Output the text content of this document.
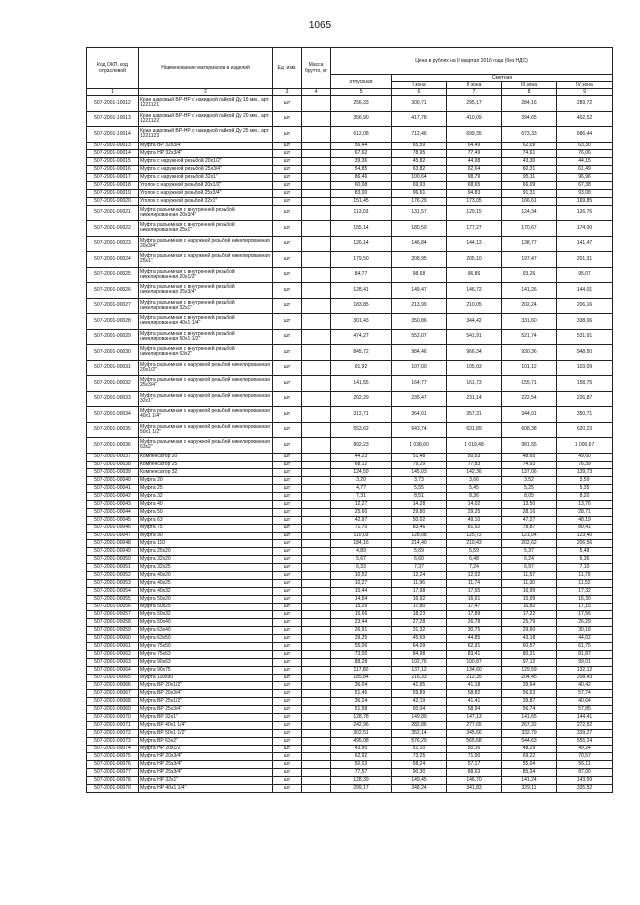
1065
Код ОКП, код отраслевой	Наименование материалов и изделий	Ед. изм.	Масса брутто, кг	Цена в рублях на II квартал 2016 года (без НДС)				
				отпускная	Сметная			
					I зона	II зона	III зона	IV зона
1	2	3	4	5	6	7	8	9
507-2001-10012	Кран шаровый ВР-НР с накидной гайкой Ду 15 мм., арт. 1221121	шт		256,33	300,71	295,17	284,16	289,72
507-2001-10013	Кран шаровый ВР-НР с накидной гайкой Ду 20 мм., арт. 1221122	шт		356,90	417,78	410,09	394,65	402,52
507-2001-10014	Кран шаровый ВР-НР с накидной гайкой Ду 25 мм., арт. 1221123	шт		612,08	712,46	699,35	673,33	686,44
507-2001-00013	Муфта ВР 32х3/4"	шт		56,44	65,59	64,49	62,09	63,30
507-2001-00014	Муфта НР 32х3/4"	шт		67,62	78,95	77,49	74,61	76,06
507-2001-00015	Муфта с наружной резьбой 20х1/2"	шт		39,36	45,82	44,98	43,30	44,15
507-2001-00016	Муфта с наружной резьбой 25х3/4"	шт		54,85	63,82	62,64	60,31	61,49
507-2001-00017	Муфта с наружной резьбой 32х1"	шт		86,46	100,64	98,79	95,11	96,96
507-2001-00018	Уголок с наружной резьбой 20х1/2"	шт		60,08	69,93	68,65	66,09	67,38
507-2001-00019	Уголок с наружной резьбой 25х3/4"	шт		83,00	96,61	94,83	91,31	93,08
507-2001-00020	Уголок с наружной резьбой 32х1"	шт		151,45	176,29	173,05	166,61	169,85
507-2001-00021	Муфта разъемная с внутренней резьбой никелированная 20х3/4"	шт		113,03	131,57	129,15	124,34	126,76
507-2001-00022	Муфта разъемная с внутренней резьбой никелированная 25х1"	шт		155,14	180,59	177,27	170,67	174,00
507-2001-00023	Муфта разъемная с наружней резьбой никелированная 20х3/4"	шт		126,14	146,84	144,13	138,77	141,47
507-2001-00024	Муфта разъемная с наружней резьбой никелированная 25х1"	шт		179,50	208,95	205,10	197,47	201,31
507-2001-00025	Муфта разъемная с внутренней резьбой никелированная 20х1/2"	шт		84,77	98,68	96,86	93,26	95,07
507-2001-00026	Муфта разъемная с внутренней резьбой никелированная 25х3/4"	шт		128,41	149,47	146,72	141,26	144,01
507-2001-00027	Муфта разъемная с внутренней резьбой никелированная 32х1"	шт		183,85	213,99	210,05	202,24	206,16
507-2001-00028	Муфта разъемная с внутренней резьбой никелированная 40х1 1/4"	шт		301,43	350,86	344,42	331,60	338,06
507-2001-00029	Муфта разъемная с внутренней резьбой никелированная 50х1 1/2"	шт		474,27	552,07	541,91	521,74	531,91
507-2001-00030	Муфта разъемная с внутренней резьбой никелированная 63х2"	шт		845,72	984,46	966,34	930,36	948,50
507-2001-00031	Муфта разъемная с наружной резьбой никелированная 20х1/2"	шт		91,92	107,00	105,03	101,12	103,09
507-2001-00032	Муфта разъемная с наружной резьбой никелированная 25х3/4"	шт		141,55	164,77	161,73	155,71	158,75
507-2001-00033	Муфта разъемная с наружной резьбой никелированная 32х1"	шт		202,29	235,47	231,14	222,54	226,87
507-2001-00034	Муфта разъемная с наружной резьбой никелированная 40х1 1/4"	шт		312,71	364,01	357,31	344,01	350,71
507-2001-00035	Муфта разъемная с наружной резьбой никелированная 50х1 1/2"	шт		553,62	643,74	631,89	608,38	620,23
507-2001-00036	Муфта разъемная с наружной резьбой никелированная 63х2"	шт		892,23	1 038,60	1 019,48	981,55	1 000,67
507-2001-00037	Компенсатор 20	шт		44,23	51,48	50,53	48,65	49,60
507-2001-00038	Компенсатор 25	шт		68,12	79,29	77,83	74,93	76,39
507-2001-00039	Компенсатор 32	шт		124,59	145,03	142,36	137,06	139,73
507-2001-00040	Муфта 20	шт		3,20	3,73	3,66	3,52	3,59
507-2001-00041	Муфта 25	шт		4,77	5,55	5,45	5,25	5,35
507-2001-00042	Муфта 32	шт		7,31	8,51	8,36	8,05	8,20
507-2001-00043	Муфта 40	шт		12,27	14,28	14,02	13,50	13,76
507-2001-00044	Муфта 50	шт		25,60	29,80	29,25	28,16	28,71
507-2001-00045	Муфта 63	шт		42,97	50,02	49,10	47,27	48,19
507-2001-00046	Муфта 75	шт		71,70	83,46	81,92	78,87	80,41
507-2001-00047	Муфта 90	шт		110,03	128,08	125,72	121,04	123,40
507-2001-00048	Муфта 110	шт		184,16	214,40	210,43	202,62	206,56
507-2001-00049	Муфта 25х20	шт		4,89	5,69	5,59	5,37	5,48
507-2001-00050	Муфта 32х20	шт		5,67	6,60	6,48	6,24	6,36
507-2001-00051	Муфта 32х25	шт		6,33	7,37	7,24	6,97	7,10
507-2001-00052	Муфта 40х20	шт		10,52	12,24	12,02	11,57	11,79
507-2001-00053	Муфта 40х25	шт		10,27	11,96	11,74	11,30	11,52
507-2001-00054	Муфта 40х32	шт		15,44	17,98	17,65	16,99	17,32
507-2001-00055	Муфта 50х20	шт		14,54	16,92	16,61	15,99	16,30
507-2001-00056	Муфта 50х25	шт		15,29	17,80	17,47	16,82	17,15
507-2001-00057	Муфта 50х32	шт		15,66	18,23	17,89	17,22	17,56
507-2001-00058	Муфта 50х40	шт		23,44	27,28	26,78	25,79	26,29
507-2001-00059	Муфта 63х40	шт		26,91	31,32	30,75	29,60	30,18
507-2001-00060	Муфта 63х50	шт		39,25	45,69	44,85	43,18	44,02
507-2001-00061	Муфта 75х50	шт		55,06	64,09	62,91	60,57	61,75
507-2001-00062	Муфта 75х63	шт		73,00	84,98	83,41	80,31	81,87
507-2001-00063	Муфта 90х63	шт		88,28	102,76	100,87	97,12	99,01
507-2001-00064	Муфта 90х75	шт		117,80	137,12	134,60	129,59	132,12
507-2001-00065	Муфта 110х90	шт		185,84	216,33	212,35	204,45	208,43
507-2001-00066	Муфта ВР 20х1/2"	шт		36,04	41,95	41,18	39,64	40,42
507-2001-00067	Муфта ВР 20х3/4"	шт		51,45	59,89	58,82	56,63	57,74
507-2001-00068	Муфта ВР 25х1/2"	шт		36,24	42,19	41,41	39,87	40,64
507-2001-00069	Муфта ВР 25х3/4"	шт		51,58	60,04	58,94	56,74	57,85
507-2001-00070	Муфта ВР 32х1"	шт		128,78	149,89	147,13	141,65	144,41
507-2001-00071	Муфта ВР 40х1 1/4"	шт		242,96	282,86	277,65	267,32	272,52
507-2001-00072	Муфта ВР 50х1 1/2"	шт		302,51	352,14	345,66	332,79	339,27
507-2001-00073	Муфта ВР 63х2"	шт		495,08	576,29	565,68	544,63	555,24
507-2001-00074	Муфта НР 20х1/2"	шт		43,90	51,10	50,16	48,29	49,24
507-2001-00075	Муфта НР 20х3/4"	шт		62,92	73,25	71,90	69,22	70,57
507-2001-00076	Муфта НР 25х3/4"	шт		50,03	58,24	57,17	55,04	56,11
507-2001-00077	Муфта НР 25х3/4"	шт		77,57	90,30	88,63	85,34	87,00
507-2001-00078	Муфта НР 32х1"	шт		128,39	149,45	146,70	141,24	143,99
507-2001-00079	Муфта НР 40х1 1/4"	шт		299,17	348,24	341,83	329,11	335,52
